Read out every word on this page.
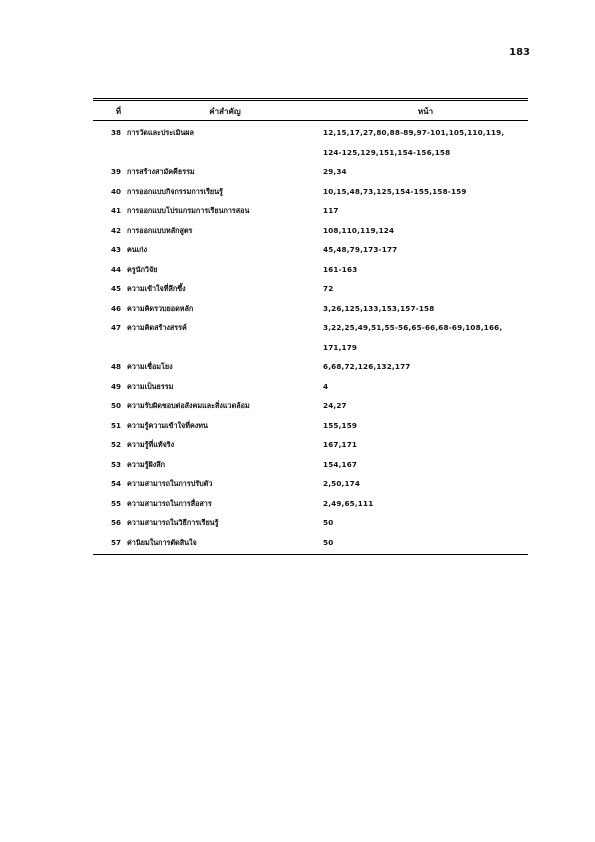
183
ที่	คำสำคัญ	หน้า
38 การวัดและประเมินผล	12,15,17,27,80,88-89,97-101,105,110,119,
124-125,129,151,154-156,158
39 การสร้างสามัคคีธรรม	29,34
40 การออกแบบกิจกรรมการเรียนรู้	10,15,48,73,125,154-155,158-159
41 การออกแบบโปรแกรมการเรียนการสอน	117
42 การออกแบบหลักสูตร	108,110,119,124
43 ฅนเก่ง	45,48,79,173-177
44 ครูนักวิจัย	161-163
45 ความเข้าใจที่ลึกซึ้ง	72
46 ความคิดรวบยอดหลัก	3,26,125,133,153,157-158
47 ความคิดสร้างสรรค์	3,22,25,49,51,55-56,65-66,68-69,108,166,
171,179
48 ความเชื่อมโยง	6,68,72,126,132,177
49 ความเป็นธรรม	4
50 ความรับผิดชอบต่อสังคมและสิ่งแวดล้อม	24,27
51 ความรู้ความเข้าใจที่คงทน	155,159
52 ความรู้ที่แท้จริง	167,171
53 ความรู้ฝังลึก	154,167
54 ความสามารถในการปรับตัว	2,50,174
55 ความสามารถในการสื่อสาร	2,49,65,111
56 ความสามารถในวิธีการเรียนรู้	50
57 ค่านิยมในการตัดสินใจ	50
